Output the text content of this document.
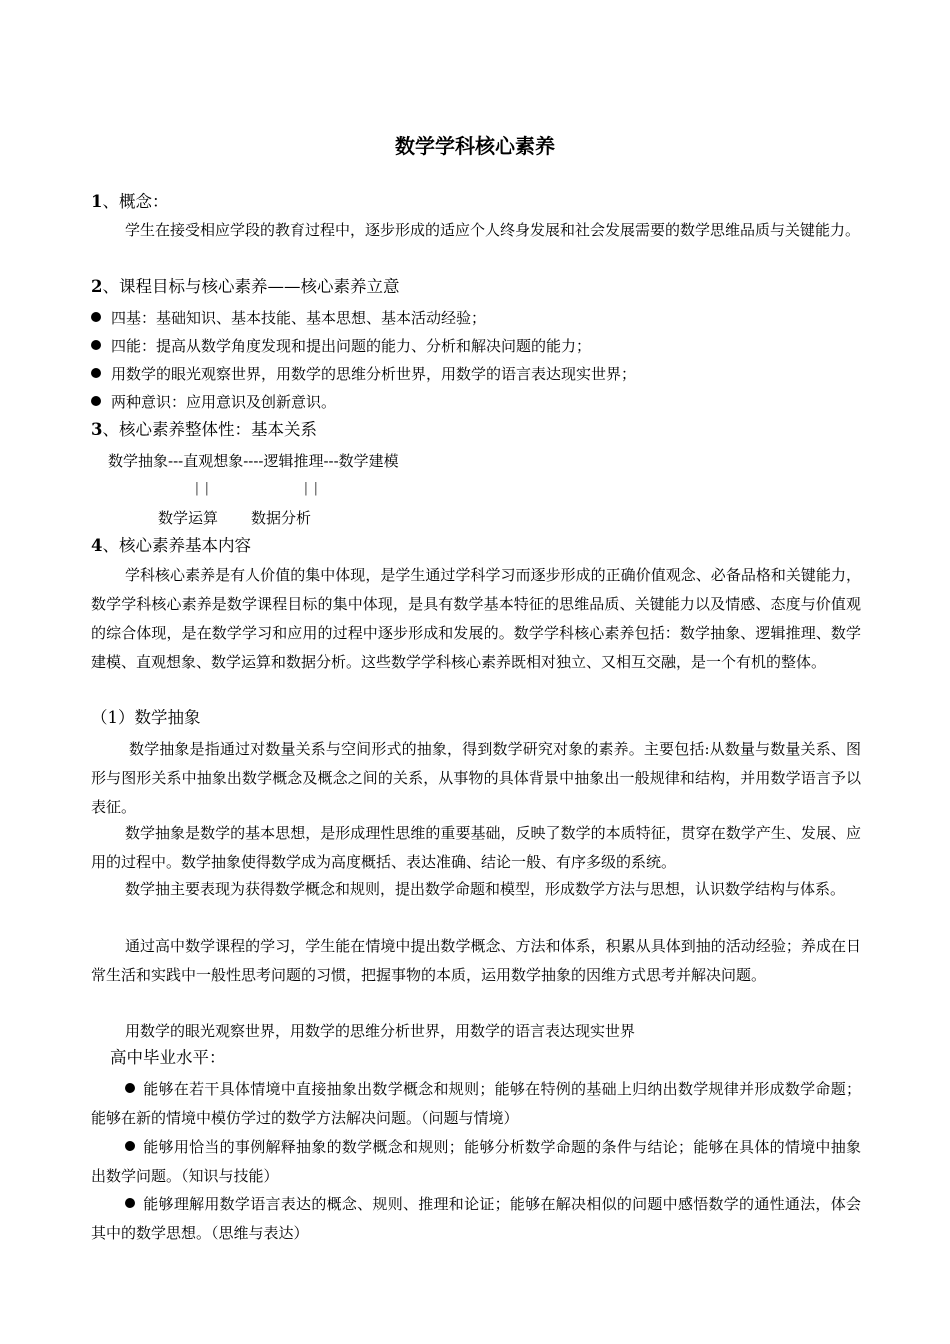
数学学科核心素养

1、概念：

学生在接受相应学段的教育过程中，逐步形成的适应个人终身发展和社会发展需要的数学思维品质与关键能力。

2、课程目标与核心素养——核心素养立意

四基：基础知识、基本技能、基本思想、基本活动经验；

四能：提高从数学角度发现和提出问题的能力、分析和解决问题的能力；

用数学的眼光观察世界，用数学的思维分析世界，用数学的语言表达现实世界；

两种意识：应用意识及创新意识。

3、核心素养整体性：基本关系

数学抽象---直观想象----逻辑推理---数学建模

||	||

数学运算 数据分析

4、核心素养基本内容

学科核心素养是有人价值的集中体现，是学生通过学科学习而逐步形成的正确价值观念、必备品格和关键能力，数学学科核心素养是数学课程目标的集中体现，是具有数学基本特征的思维品质、关键能力以及情感、态度与价值观的综合体现，是在数学学习和应用的过程中逐步形成和发展的。数学学科核心素养包括：数学抽象、逻辑推理、数学建模、直观想象、数学运算和数据分析。这些数学学科核心素养既相对独立、又相互交融，是一个有机的整体。

（1）数学抽象

数学抽象是指通过对数量关系与空间形式的抽象，得到数学研究对象的素养。主要包括:从数量与数量关系、图形与图形关系中抽象出数学概念及概念之间的关系，从事物的具体背景中抽象出一般规律和结构，并用数学语言予以表征。

数学抽象是数学的基本思想，是形成理性思维的重要基础，反映了数学的本质特征，贯穿在数学产生、发展、应用的过程中。数学抽象使得数学成为高度概括、表达准确、结论一般、有序多级的系统。

数学抽主要表现为获得数学概念和规则，提出数学命题和模型，形成数学方法与思想，认识数学结构与体系。

通过高中数学课程的学习，学生能在情境中提出数学概念、方法和体系，积累从具体到抽的活动经验；养成在日常生活和实践中一般性思考问题的习惯，把握事物的本质，运用数学抽象的因维方式思考并解决问题。

用数学的眼光观察世界，用数学的思维分析世界，用数学的语言表达现实世界

高中毕业水平：

能够在若干具体情境中直接抽象出数学概念和规则；能够在特例的基础上归纳出数学规律并形成数学命题；能够在新的情境中模仿学过的数学方法解决问题。（问题与情境）

能够用恰当的事例解释抽象的数学概念和规则；能够分析数学命题的条件与结论；能够在具体的情境中抽象出数学问题。（知识与技能）

能够理解用数学语言表达的概念、规则、推理和论证；能够在解决相似的问题中感悟数学的通性通法，体会其中的数学思想。（思维与表达）
